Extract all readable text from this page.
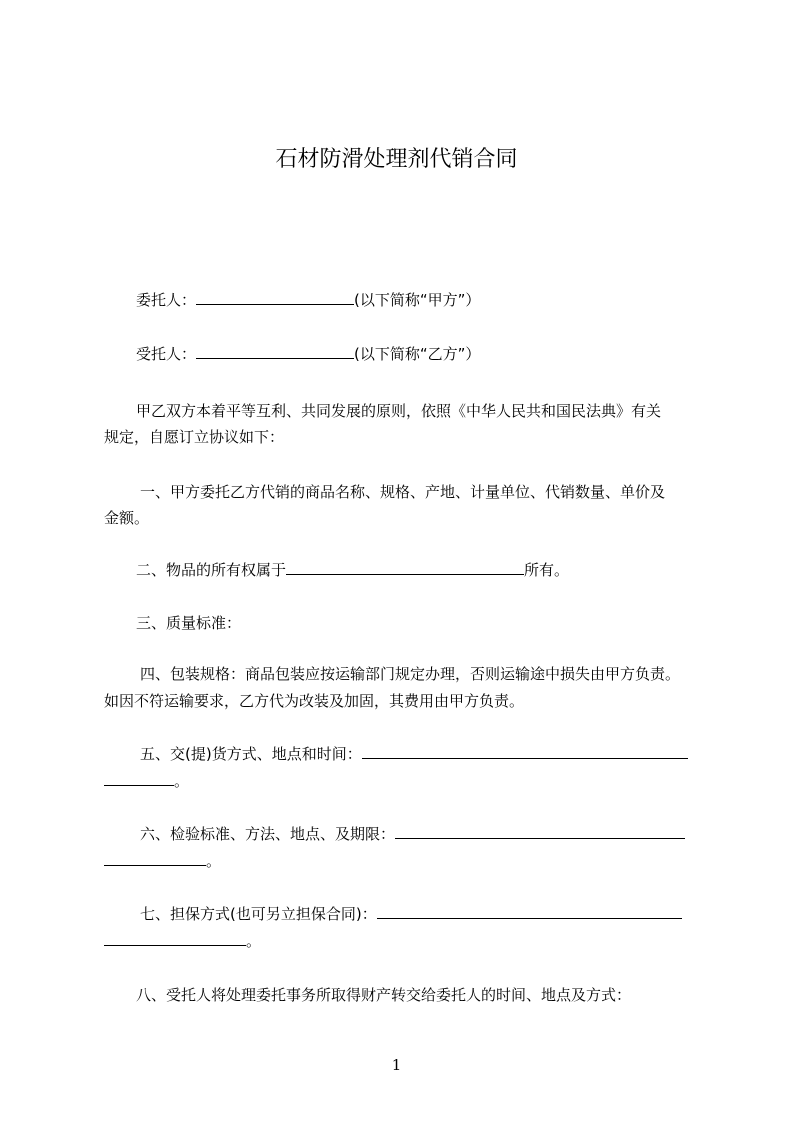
石材防滑处理剂代销合同
委托人：	(以下简称“甲方”）
受托人：	(以下简称“乙方”）
甲乙双方本着平等互利、共同发展的原则，依照《中华人民共和国民法典》有关
规定，自愿订立协议如下：
一、甲方委托乙方代销的商品名称、规格、产地、计量单位、代销数量、单价及
金额。
二、物品的所有权属于	所有。
三、质量标准：
四、包装规格：商品包装应按运输部门规定办理，否则运输途中损失由甲方负责。
如因不符运输要求，乙方代为改装及加固，其费用由甲方负责。
五、交(提)货方式、地点和时间：
。
六、检验标准、方法、地点、及期限：
。
七、担保方式(也可另立担保合同)：
。
八、受托人将处理委托事务所取得财产转交给委托人的时间、地点及方式：
1
